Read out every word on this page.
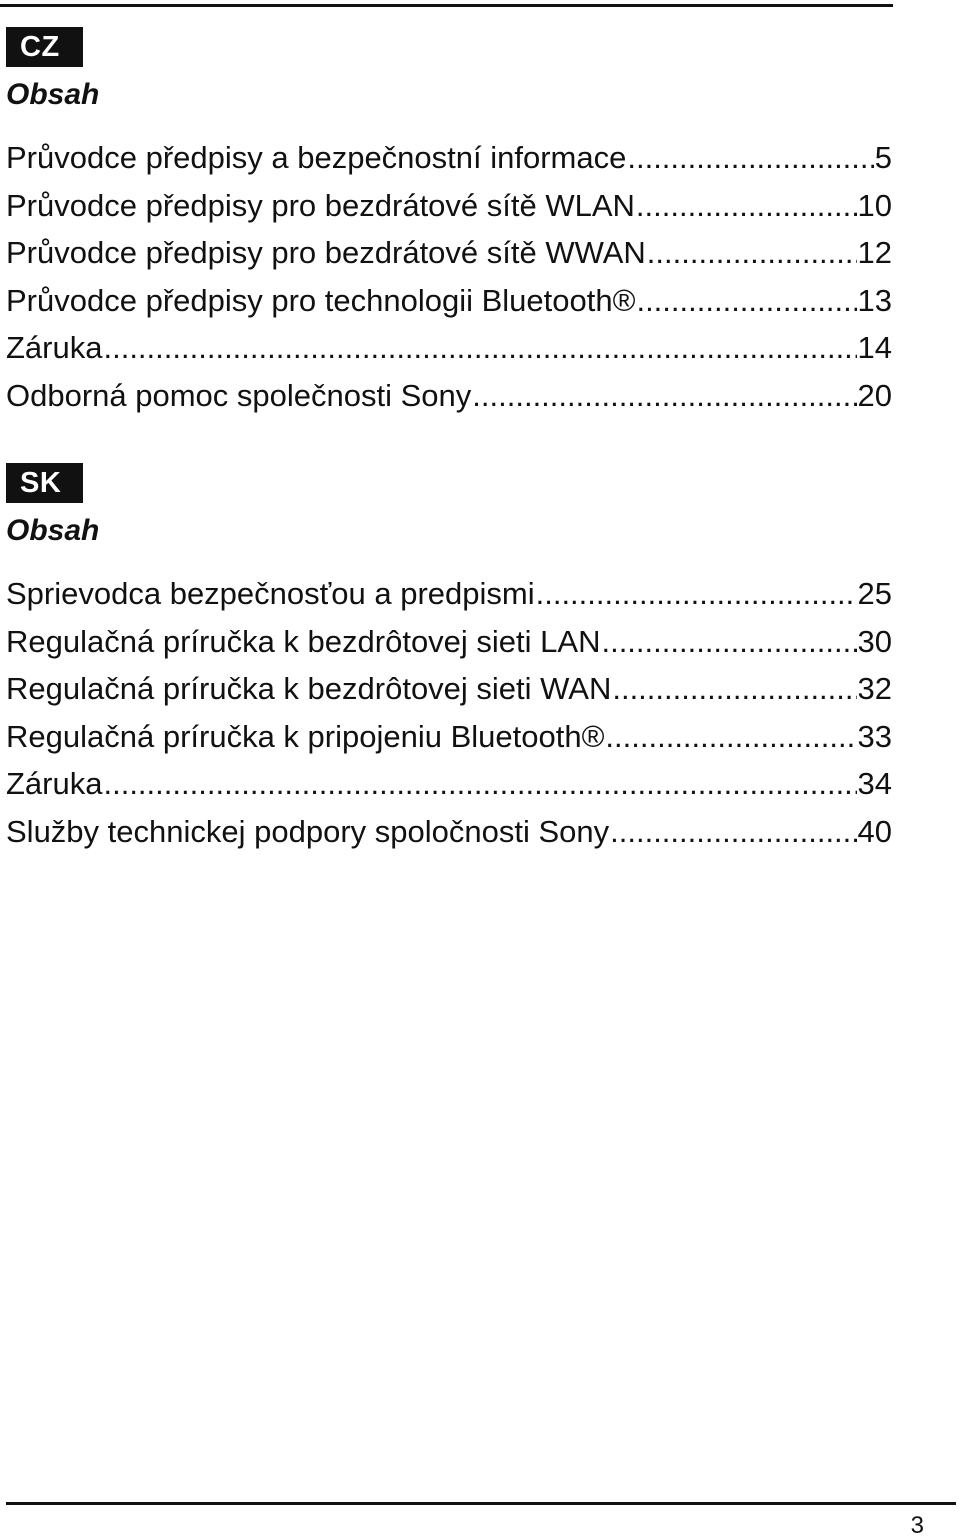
CZ
Obsah
Průvodce předpisy a bezpečnostní informace .....	5
Průvodce předpisy pro bezdrátové sítě WLAN .....	10
Průvodce předpisy pro bezdrátové sítě WWAN .....	12
Průvodce předpisy pro technologii Bluetooth® .....	13
Záruka .....	14
Odborná pomoc společnosti Sony .....	20
SK
Obsah
Sprievodca bezpečnosťou a predpismi .....	25
Regulačná príručka k bezdrôtovej sieti LAN .....	30
Regulačná príručka k bezdrôtovej sieti WAN .....	32
Regulačná príručka k pripojeniu Bluetooth® .....	33
Záruka .....	34
Služby technickej podpory spoločnosti Sony .....	40
3
